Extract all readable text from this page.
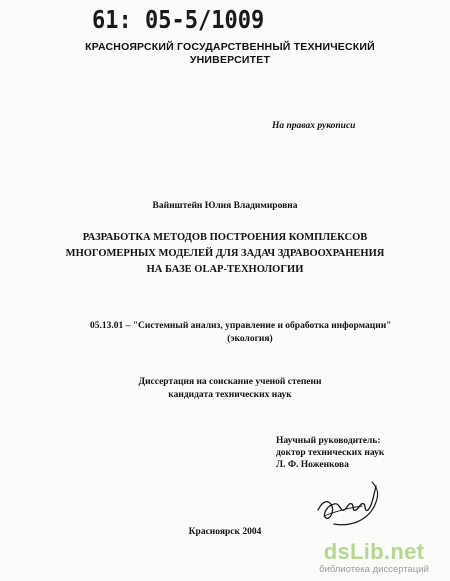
61: 05-5/1009
КРАСНОЯРСКИЙ ГОСУДАРСТВЕННЫЙ ТЕХНИЧЕСКИЙ
УНИВЕРСИТЕТ
На правах рукописи
Вайнштейн Юлия Владимировна
РАЗРАБОТКА МЕТОДОВ ПОСТРОЕНИЯ КОМПЛЕКСОВ
МНОГОМЕРНЫХ МОДЕЛЕЙ ДЛЯ ЗАДАЧ ЗДРАВООХРАНЕНИЯ
НА БАЗЕ OLAP-ТЕХНОЛОГИИ
05.13.01 – "Системный анализ, управление и обработка информации"
(экология)
Диссертация на соискание ученой степени
кандидата технических наук
Научный руководитель:
доктор технических наук
Л. Ф. Ноженкова
Красноярск 2004
dsLib.net
библиотека диссертаций
